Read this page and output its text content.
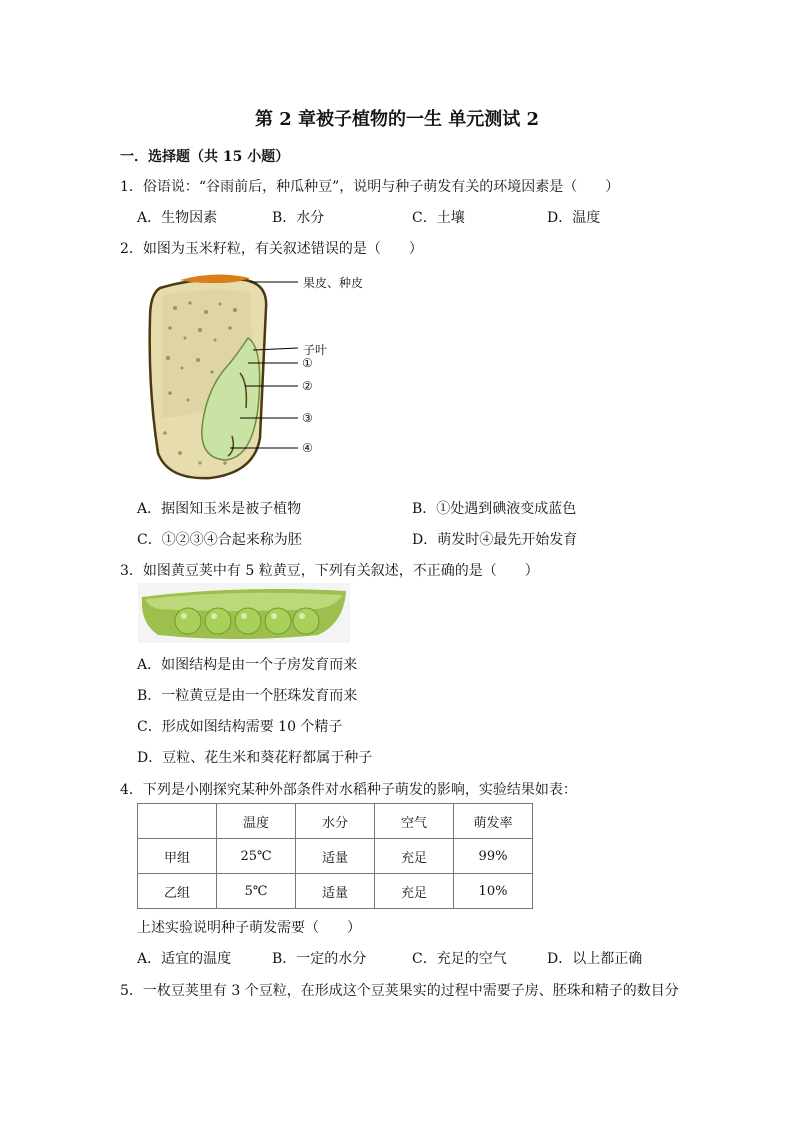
第 2 章被子植物的一生 单元测试 2
一．选择题（共 15 小题）
1．俗语说：“谷雨前后，种瓜种豆”，说明与种子萌发有关的环境因素是（　　）
A．生物因素	B．水分	C．土壤	D．温度
2．如图为玉米籽粒，有关叙述错误的是（　　）
果皮、种皮
子叶
①
②
③
④
A．据图知玉米是被子植物	B．①处遇到碘液变成蓝色
C．①②③④合起来称为胚	D．萌发时④最先开始发育
3．如图黄豆荚中有 5 粒黄豆，下列有关叙述，不正确的是（　　）
A．如图结构是由一个子房发育而来
B．一粒黄豆是由一个胚珠发育而来
C．形成如图结构需要 10 个精子
D．豆粒、花生米和葵花籽都属于种子
4．下列是小刚探究某种外部条件对水稻种子萌发的影响，实验结果如表：
	温度	水分	空气	萌发率
甲组	25℃	适量	充足	99%
乙组	5℃	适量	充足	10%
上述实验说明种子萌发需要（　　）
A．适宜的温度	B．一定的水分	C．充足的空气	D．以上都正确
5．一枚豆荚里有 3 个豆粒，在形成这个豆荚果实的过程中需要子房、胚珠和精子的数目分
